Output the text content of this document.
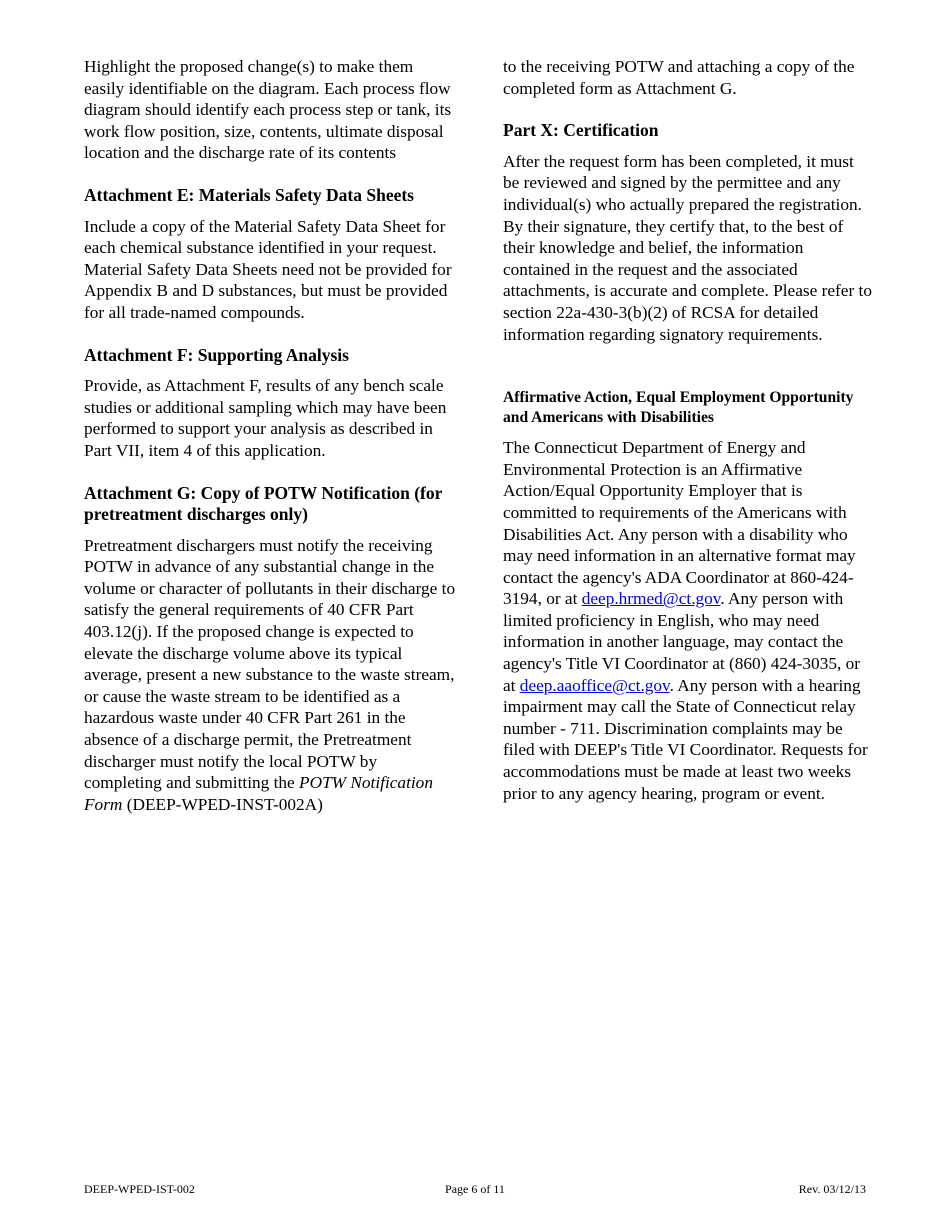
Highlight the proposed change(s) to make them easily identifiable on the diagram. Each process flow diagram should identify each process step or tank, its work flow position, size, contents, ultimate disposal location and the discharge rate of its contents

Attachment E: Materials Safety Data Sheets

Include a copy of the Material Safety Data Sheet for each chemical substance identified in your request. Material Safety Data Sheets need not be provided for Appendix B and D substances, but must be provided for all trade-named compounds.

Attachment F: Supporting Analysis

Provide, as Attachment F, results of any bench scale studies or additional sampling which may have been performed to support your analysis as described in Part VII, item 4 of this application.

Attachment G: Copy of POTW Notification (for pretreatment discharges only)

Pretreatment dischargers must notify the receiving POTW in advance of any substantial change in the volume or character of pollutants in their discharge to satisfy the general requirements of 40 CFR Part 403.12(j). If the proposed change is expected to elevate the discharge volume above its typical average, present a new substance to the waste stream, or cause the waste stream to be identified as a hazardous waste under 40 CFR Part 261 in the absence of a discharge permit, the Pretreatment discharger must notify the local POTW by completing and submitting the POTW Notification Form (DEEP-WPED-INST-002A)

to the receiving POTW and attaching a copy of the completed form as Attachment G.

Part X: Certification

After the request form has been completed, it must be reviewed and signed by the permittee and any individual(s) who actually prepared the registration. By their signature, they certify that, to the best of their knowledge and belief, the information contained in the request and the associated attachments, is accurate and complete. Please refer to section 22a-430-3(b)(2) of RCSA for detailed information regarding signatory requirements.

Affirmative Action, Equal Employment Opportunity and Americans with Disabilities

The Connecticut Department of Energy and Environmental Protection is an Affirmative Action/Equal Opportunity Employer that is committed to requirements of the Americans with Disabilities Act. Any person with a disability who may need information in an alternative format may contact the agency's ADA Coordinator at 860-424-3194, or at deep.hrmed@ct.gov. Any person with limited proficiency in English, who may need information in another language, may contact the agency's Title VI Coordinator at (860) 424-3035, or at deep.aaoffice@ct.gov. Any person with a hearing impairment may call the State of Connecticut relay number - 711. Discrimination complaints may be filed with DEEP's Title VI Coordinator. Requests for accommodations must be made at least two weeks prior to any agency hearing, program or event.

DEEP-WPED-IST-002	Page 6 of 11	Rev. 03/12/13
